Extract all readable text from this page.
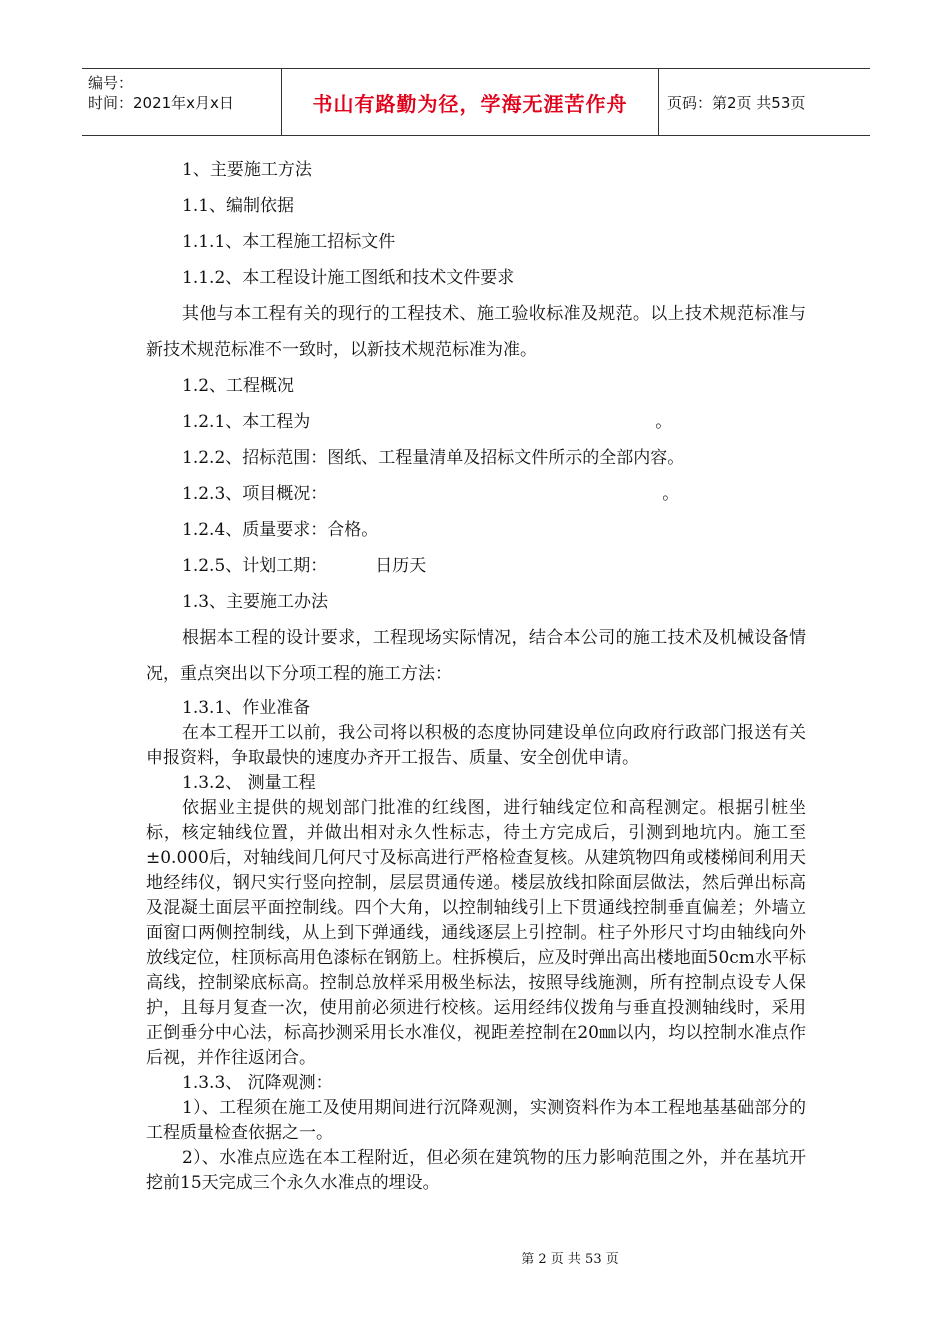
编号：
时间：2021年x月x日	书山有路勤为径，学海无涯苦作舟	页码：第2页 共53页

1、主要施工方法

1.1、编制依据

1.1.1、本工程施工招标文件

1.1.2、本工程设计施工图纸和技术文件要求

其他与本工程有关的现行的工程技术、施工验收标准及规范。以上技术规范标准与新技术规范标准不一致时，以新技术规范标准为准。

1.2、工程概况

1.2.1、本工程为	。

1.2.2、招标范围：图纸、工程量清单及招标文件所示的全部内容。

1.2.3、项目概况：	。

1.2.4、质量要求：合格。

1.2.5、计划工期：	日历天

1.3、主要施工办法

根据本工程的设计要求，工程现场实际情况，结合本公司的施工技术及机械设备情况，重点突出以下分项工程的施工方法：

1.3.1、作业准备

在本工程开工以前，我公司将以积极的态度协同建设单位向政府行政部门报送有关申报资料，争取最快的速度办齐开工报告、质量、安全创优申请。

1.3.2、 测量工程

依据业主提供的规划部门批准的红线图，进行轴线定位和高程测定。根据引桩坐标，核定轴线位置，并做出相对永久性标志，待土方完成后，引测到地坑内。施工至±0.000后，对轴线间几何尺寸及标高进行严格检查复核。从建筑物四角或楼梯间利用天地经纬仪，钢尺实行竖向控制，层层贯通传递。楼层放线扣除面层做法，然后弹出标高及混凝土面层平面控制线。四个大角，以控制轴线引上下贯通线控制垂直偏差；外墙立面窗口两侧控制线，从上到下弹通线，通线逐层上引控制。柱子外形尺寸均由轴线向外放线定位，柱顶标高用色漆标在钢筋上。柱拆模后，应及时弹出高出楼地面50cm水平标高线，控制梁底标高。控制总放样采用极坐标法，按照导线施测，所有控制点设专人保护，且每月复查一次，使用前必须进行校核。运用经纬仪拨角与垂直投测轴线时，采用正倒垂分中心法，标高抄测采用长水准仪，视距差控制在20㎜以内，均以控制水准点作后视，并作往返闭合。

1.3.3、 沉降观测：

1）、工程须在施工及使用期间进行沉降观测，实测资料作为本工程地基基础部分的工程质量检查依据之一。

2）、水准点应选在本工程附近，但必须在建筑物的压力影响范围之外，并在基坑开挖前15天完成三个永久水准点的埋设。

第 2 页 共 53 页
